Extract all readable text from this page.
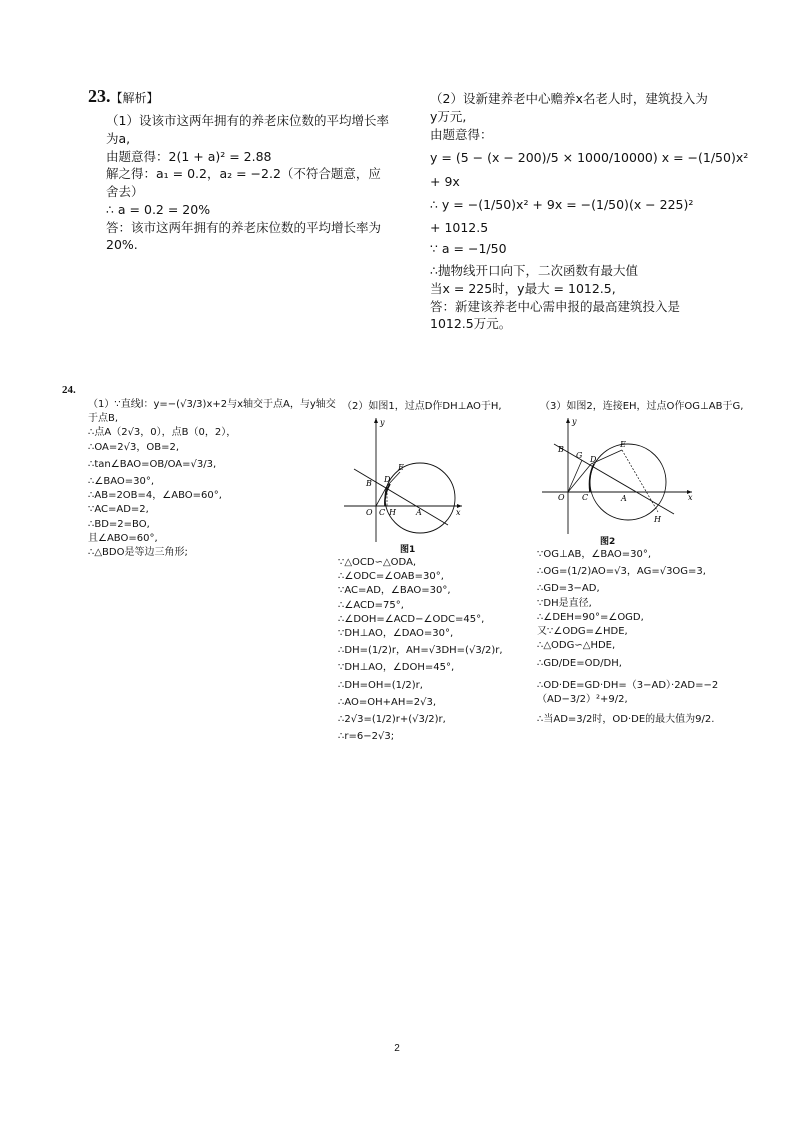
23.【解析】
（1）设该市这两年拥有的养老床位数的平均增长率
为a,
由题意得：2(1 + a)² = 2.88
解之得：a₁ = 0.2，a₂ = −2.2（不符合题意，应
舍去）
∴ a = 0.2 = 20%
答：该市这两年拥有的养老床位数的平均增长率为
20%.
（2）设新建养老中心赡养x名老人时，建筑投入为
y万元,
由题意得：
y = (5 − (x − 200)/5 × 1000/10000) x = −(1/50)x²
+ 9x
∴ y = −(1/50)x² + 9x = −(1/50)(x − 225)²
+ 1012.5
∵ a = −1/50
∴抛物线开口向下，二次函数有最大值
当x = 225时，y最大 = 1012.5,
答：新建该养老中心需申报的最高建筑投入是
1012.5万元。
24.
（1）∵直线l：y=−(√3/3)x+2与x轴交于点A，与y轴交
于点B,
∴点A（2√3，0），点B（0，2），
∴OA=2√3，OB=2,
∴tan∠BAO=OB/OA=√3/3,
∴∠BAO=30°,
∴AB=2OB=4，∠ABO=60°,
∵AC=AD=2,
∴BD=2=BO,
且∠ABO=60°,
∴△BDO是等边三角形;
（2）如图1，过点D作DH⊥AO于H,
y
x
O	A
B
C
D
E
H
图1
∵△OCD∽△ODA,
∴∠ODC=∠OAB=30°,
∵AC=AD，∠BAO=30°,
∴∠ACD=75°,
∴∠DOH=∠ACD−∠ODC=45°,
∵DH⊥AO，∠DAO=30°,
∴DH=(1/2)r，AH=√3DH=(√3/2)r,
∵DH⊥AO，∠DOH=45°,
∴DH=OH=(1/2)r,
∴AO=OH+AH=2√3,
∴2√3=(1/2)r+(√3/2)r,
∴r=6−2√3;
（3）如图2，连接EH，过点O作OG⊥AB于G,
y
x
O	A
B
C
D
E
G
H
图2
∵OG⊥AB，∠BAO=30°,
∴OG=(1/2)AO=√3，AG=√3OG=3,
∴GD=3−AD,
∵DH是直径,
∴∠DEH=90°=∠OGD,
又∵∠ODG=∠HDE,
∴△ODG∽△HDE,
∴GD/DE=OD/DH,
∴OD·DE=GD·DH=（3−AD）·2AD=−2（AD−3/2）²+9/2,
∴当AD=3/2时，OD·DE的最大值为9/2.
2
